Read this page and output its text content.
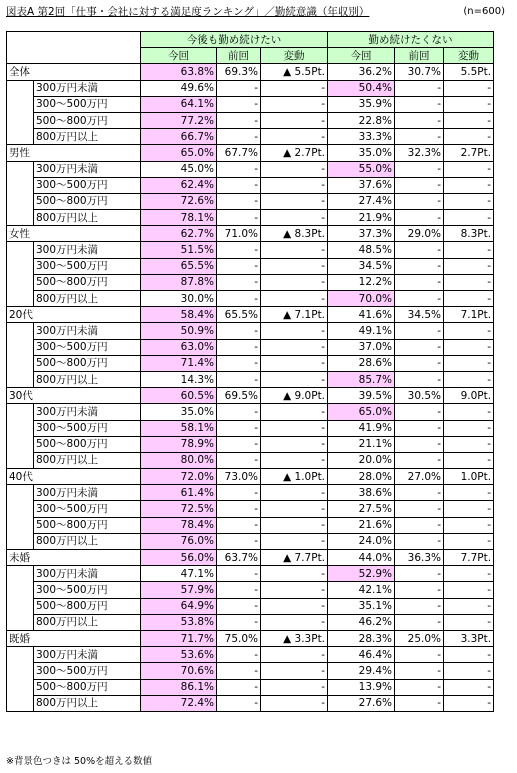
図表A 第2回「仕事・会社に対する満足度ランキング」／勤続意識（年収別）	(n=600)
		今後も勤め続けたい			勤め続けたくない		
		今回	前回	変動	今回	前回	変動
全体		63.8%	69.3%	▲ 5.5Pt.	36.2%	30.7%	5.5Pt.
	300万円未満	49.6%	-	-	50.4%	-	-
	300～500万円	64.1%	-	-	35.9%	-	-
	500～800万円	77.2%	-	-	22.8%	-	-
	800万円以上	66.7%	-	-	33.3%	-	-
男性		65.0%	67.7%	▲ 2.7Pt.	35.0%	32.3%	2.7Pt.
	300万円未満	45.0%	-	-	55.0%	-	-
	300～500万円	62.4%	-	-	37.6%	-	-
	500～800万円	72.6%	-	-	27.4%	-	-
	800万円以上	78.1%	-	-	21.9%	-	-
女性		62.7%	71.0%	▲ 8.3Pt.	37.3%	29.0%	8.3Pt.
	300万円未満	51.5%	-	-	48.5%	-	-
	300～500万円	65.5%	-	-	34.5%	-	-
	500～800万円	87.8%	-	-	12.2%	-	-
	800万円以上	30.0%	-	-	70.0%	-	-
20代		58.4%	65.5%	▲ 7.1Pt.	41.6%	34.5%	7.1Pt.
	300万円未満	50.9%	-	-	49.1%	-	-
	300～500万円	63.0%	-	-	37.0%	-	-
	500～800万円	71.4%	-	-	28.6%	-	-
	800万円以上	14.3%	-	-	85.7%	-	-
30代		60.5%	69.5%	▲ 9.0Pt.	39.5%	30.5%	9.0Pt.
	300万円未満	35.0%	-	-	65.0%	-	-
	300～500万円	58.1%	-	-	41.9%	-	-
	500～800万円	78.9%	-	-	21.1%	-	-
	800万円以上	80.0%	-	-	20.0%	-	-
40代		72.0%	73.0%	▲ 1.0Pt.	28.0%	27.0%	1.0Pt.
	300万円未満	61.4%	-	-	38.6%	-	-
	300～500万円	72.5%	-	-	27.5%	-	-
	500～800万円	78.4%	-	-	21.6%	-	-
	800万円以上	76.0%	-	-	24.0%	-	-
未婚		56.0%	63.7%	▲ 7.7Pt.	44.0%	36.3%	7.7Pt.
	300万円未満	47.1%	-	-	52.9%	-	-
	300～500万円	57.9%	-	-	42.1%	-	-
	500～800万円	64.9%	-	-	35.1%	-	-
	800万円以上	53.8%	-	-	46.2%	-	-
既婚		71.7%	75.0%	▲ 3.3Pt.	28.3%	25.0%	3.3Pt.
	300万円未満	53.6%	-	-	46.4%	-	-
	300～500万円	70.6%	-	-	29.4%	-	-
	500～800万円	86.1%	-	-	13.9%	-	-
	800万円以上	72.4%	-	-	27.6%	-	-
※背景色つきは 50%を超える数値
